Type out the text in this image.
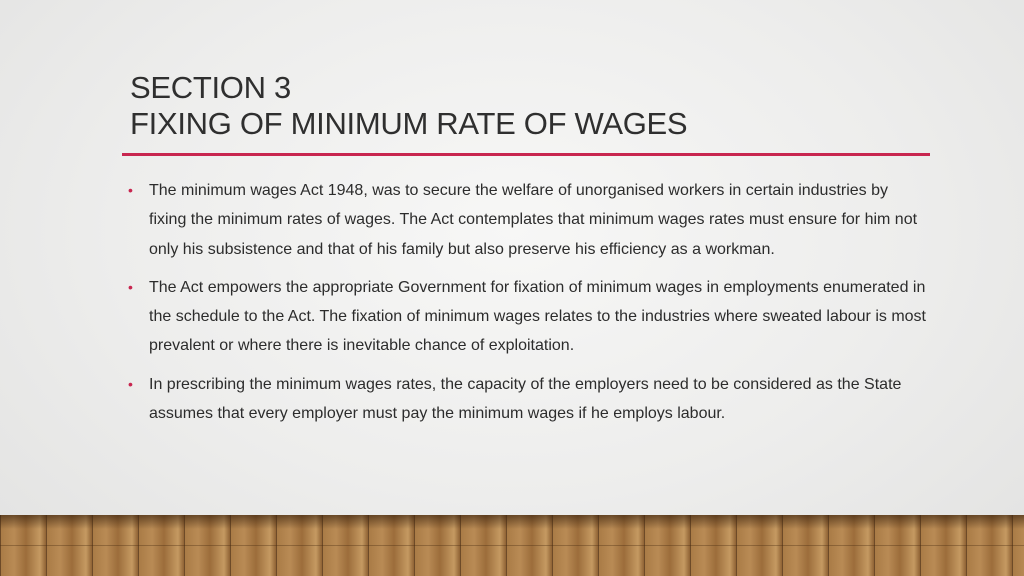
SECTION 3
FIXING OF MINIMUM RATE OF WAGES
• The minimum wages Act 1948, was to secure the welfare of unorganised workers in certain industries by fixing the minimum rates of wages. The Act contemplates that minimum wages rates must ensure for him not only his subsistence and that of his family but also preserve his efficiency as a workman.
• The Act empowers the appropriate Government for fixation of minimum wages in employments enumerated in the schedule to the Act. The fixation of minimum wages relates to the industries where sweated labour is most prevalent or where there is inevitable chance of exploitation.
• In prescribing the minimum wages rates, the capacity of the employers need to be considered as the State assumes that every employer must pay the minimum wages if he employs labour.
